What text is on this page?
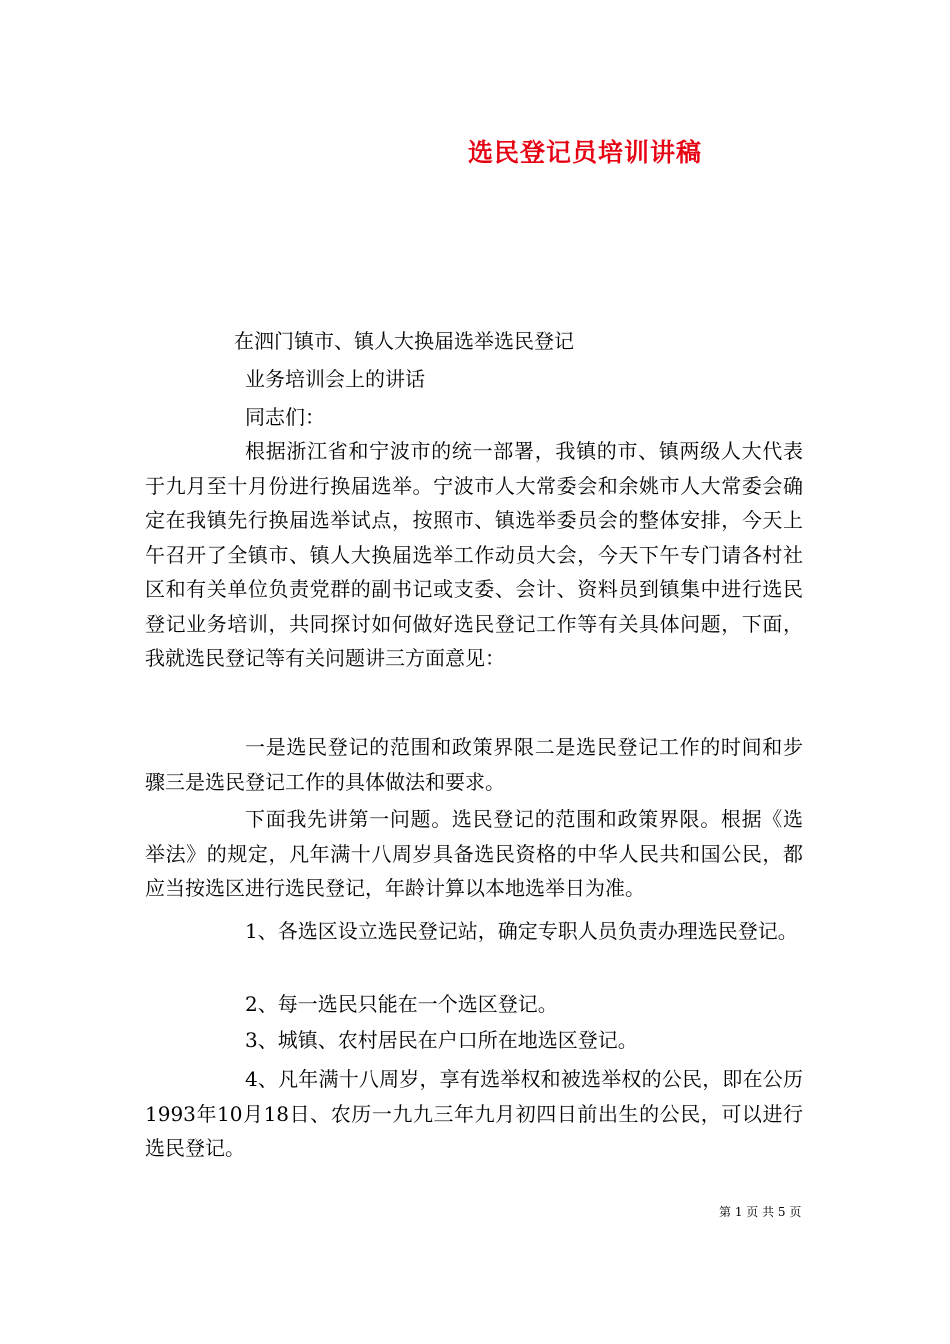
选民登记员培训讲稿
在泗门镇市、镇人大换届选举选民登记
业务培训会上的讲话
同志们：
根据浙江省和宁波市的统一部署，我镇的市、镇两级人大代表于九月至十月份进行换届选举。宁波市人大常委会和余姚市人大常委会确定在我镇先行换届选举试点，按照市、镇选举委员会的整体安排，今天上午召开了全镇市、镇人大换届选举工作动员大会，今天下午专门请各村社区和有关单位负责党群的副书记或支委、会计、资料员到镇集中进行选民登记业务培训，共同探讨如何做好选民登记工作等有关具体问题，下面，我就选民登记等有关问题讲三方面意见：
一是选民登记的范围和政策界限二是选民登记工作的时间和步骤三是选民登记工作的具体做法和要求。
下面我先讲第一问题。选民登记的范围和政策界限。根据《选举法》的规定，凡年满十八周岁具备选民资格的中华人民共和国公民，都应当按选区进行选民登记，年龄计算以本地选举日为准。
1、各选区设立选民登记站，确定专职人员负责办理选民登记。
2、每一选民只能在一个选区登记。
3、城镇、农村居民在户口所在地选区登记。
4、凡年满十八周岁，享有选举权和被选举权的公民，即在公历1993年10月18日、农历一九九三年九月初四日前出生的公民，可以进行选民登记。
第 1 页 共 5 页
